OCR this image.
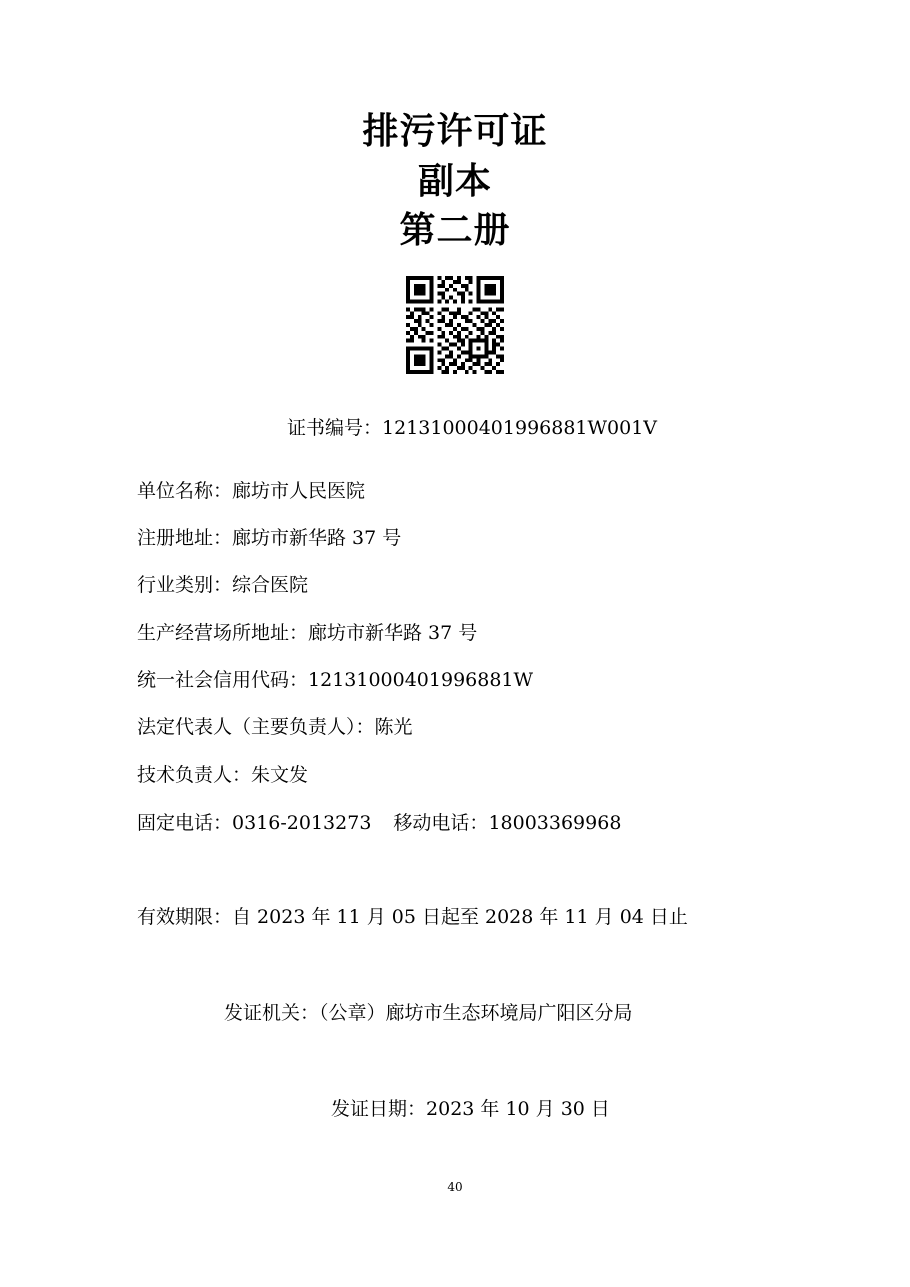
排污许可证
副本
第二册
证书编号：12131000401996881W001V
单位名称：廊坊市人民医院
注册地址：廊坊市新华路 37 号
行业类别：综合医院
生产经营场所地址：廊坊市新华路 37 号
统一社会信用代码：12131000401996881W
法定代表人（主要负责人）：陈光
技术负责人：朱文发
固定电话：0316-2013273 移动电话：18003369968
有效期限：自 2023 年 11 月 05 日起至 2028 年 11 月 04 日止
发证机关：（公章）廊坊市生态环境局广阳区分局
发证日期：2023 年 10 月 30 日
40
